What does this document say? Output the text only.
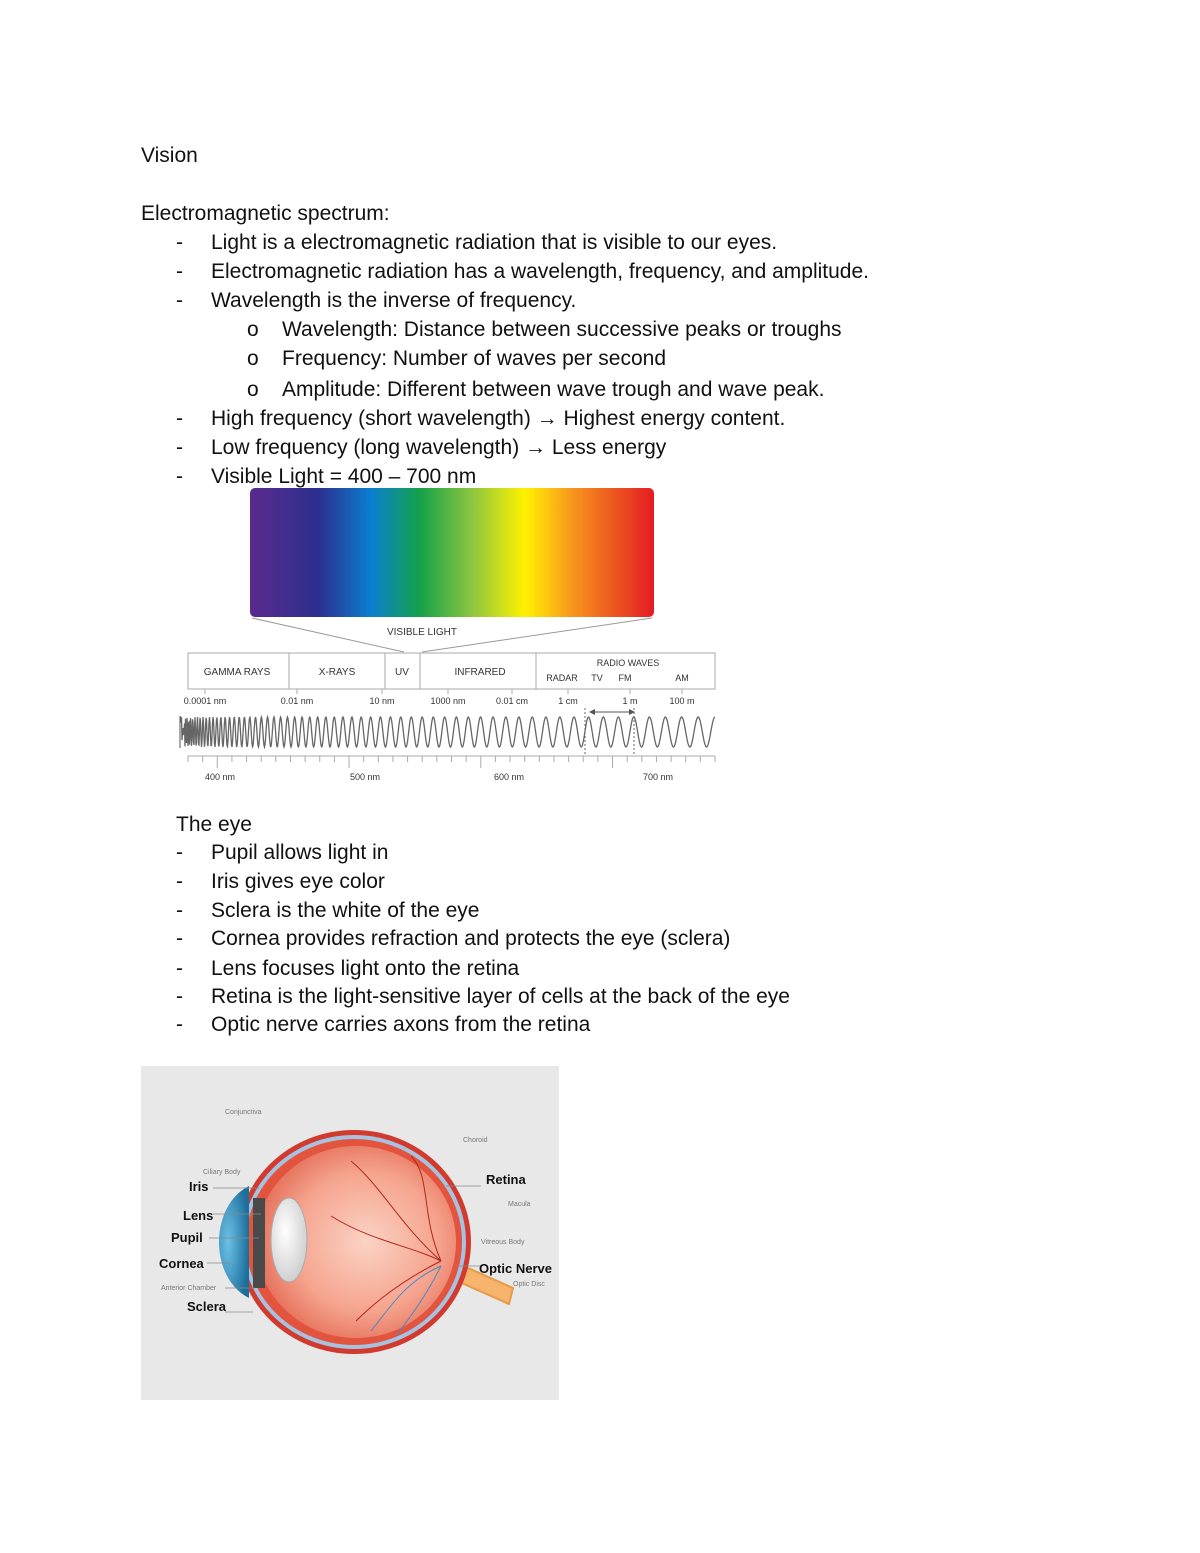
Vision
Electromagnetic spectrum:
- Light is a electromagnetic radiation that is visible to our eyes.
- Electromagnetic radiation has a wavelength, frequency, and amplitude.
- Wavelength is the inverse of frequency.
o Wavelength: Distance between successive peaks or troughs
o Frequency: Number of waves per second
o Amplitude: Different between wave trough and wave peak.
- High frequency (short wavelength) → Highest energy content.
- Low frequency (long wavelength) → Less energy
- Visible Light = 400 – 700 nm
VISIBLE LIGHT
GAMMA RAYS	X-RAYS	UV	INFRARED
RADIO WAVES
RADAR TV FM	AM
0.0001 nm	0.01 nm	10 nm	1000 nm	0.01 cm	1 cm	1 m	100 m
400 nm	500 nm	600 nm	700 nm
The eye
- Pupil allows light in
- Iris gives eye color
- Sclera is the white of the eye
- Cornea provides refraction and protects the eye (sclera)
- Lens focuses light onto the retina
- Retina is the light-sensitive layer of cells at the back of the eye
- Optic nerve carries axons from the retina
Conjunctiva
Ciliary Body
Anterior Chamber
Choroid
Macula
Vitreous Body
Optic Disc
Iris
Lens
Pupil
Cornea
Sclera
Retina
Optic Nerve
